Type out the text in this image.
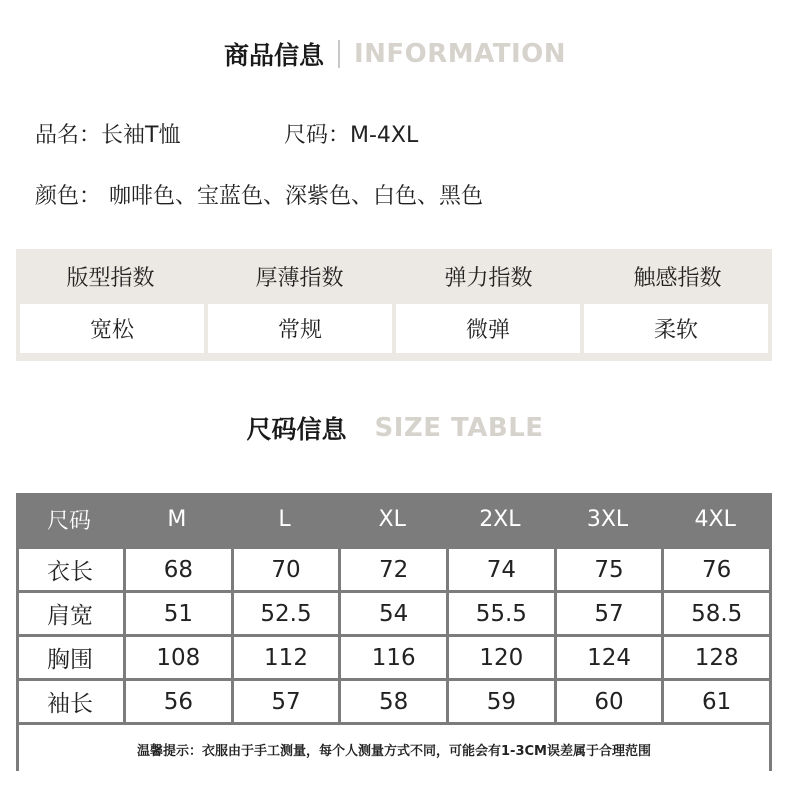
商品信息 INFORMATION
品名：长袖T恤	尺码：M-4XL
颜色： 咖啡色、宝蓝色、深紫色、白色、黑色
版型指数	厚薄指数	弹力指数	触感指数
宽松	常规	微弹	柔软
尺码信息 SIZE TABLE
尺码	M	L	XL	2XL	3XL	4XL
衣长	68	70	72	74	75	76
肩宽	51	52.5	54	55.5	57	58.5
胸围	108	112	116	120	124	128
袖长	56	57	58	59	60	61
温馨提示：衣服由于手工测量，每个人测量方式不同，可能会有1-3CM误差属于合理范围
